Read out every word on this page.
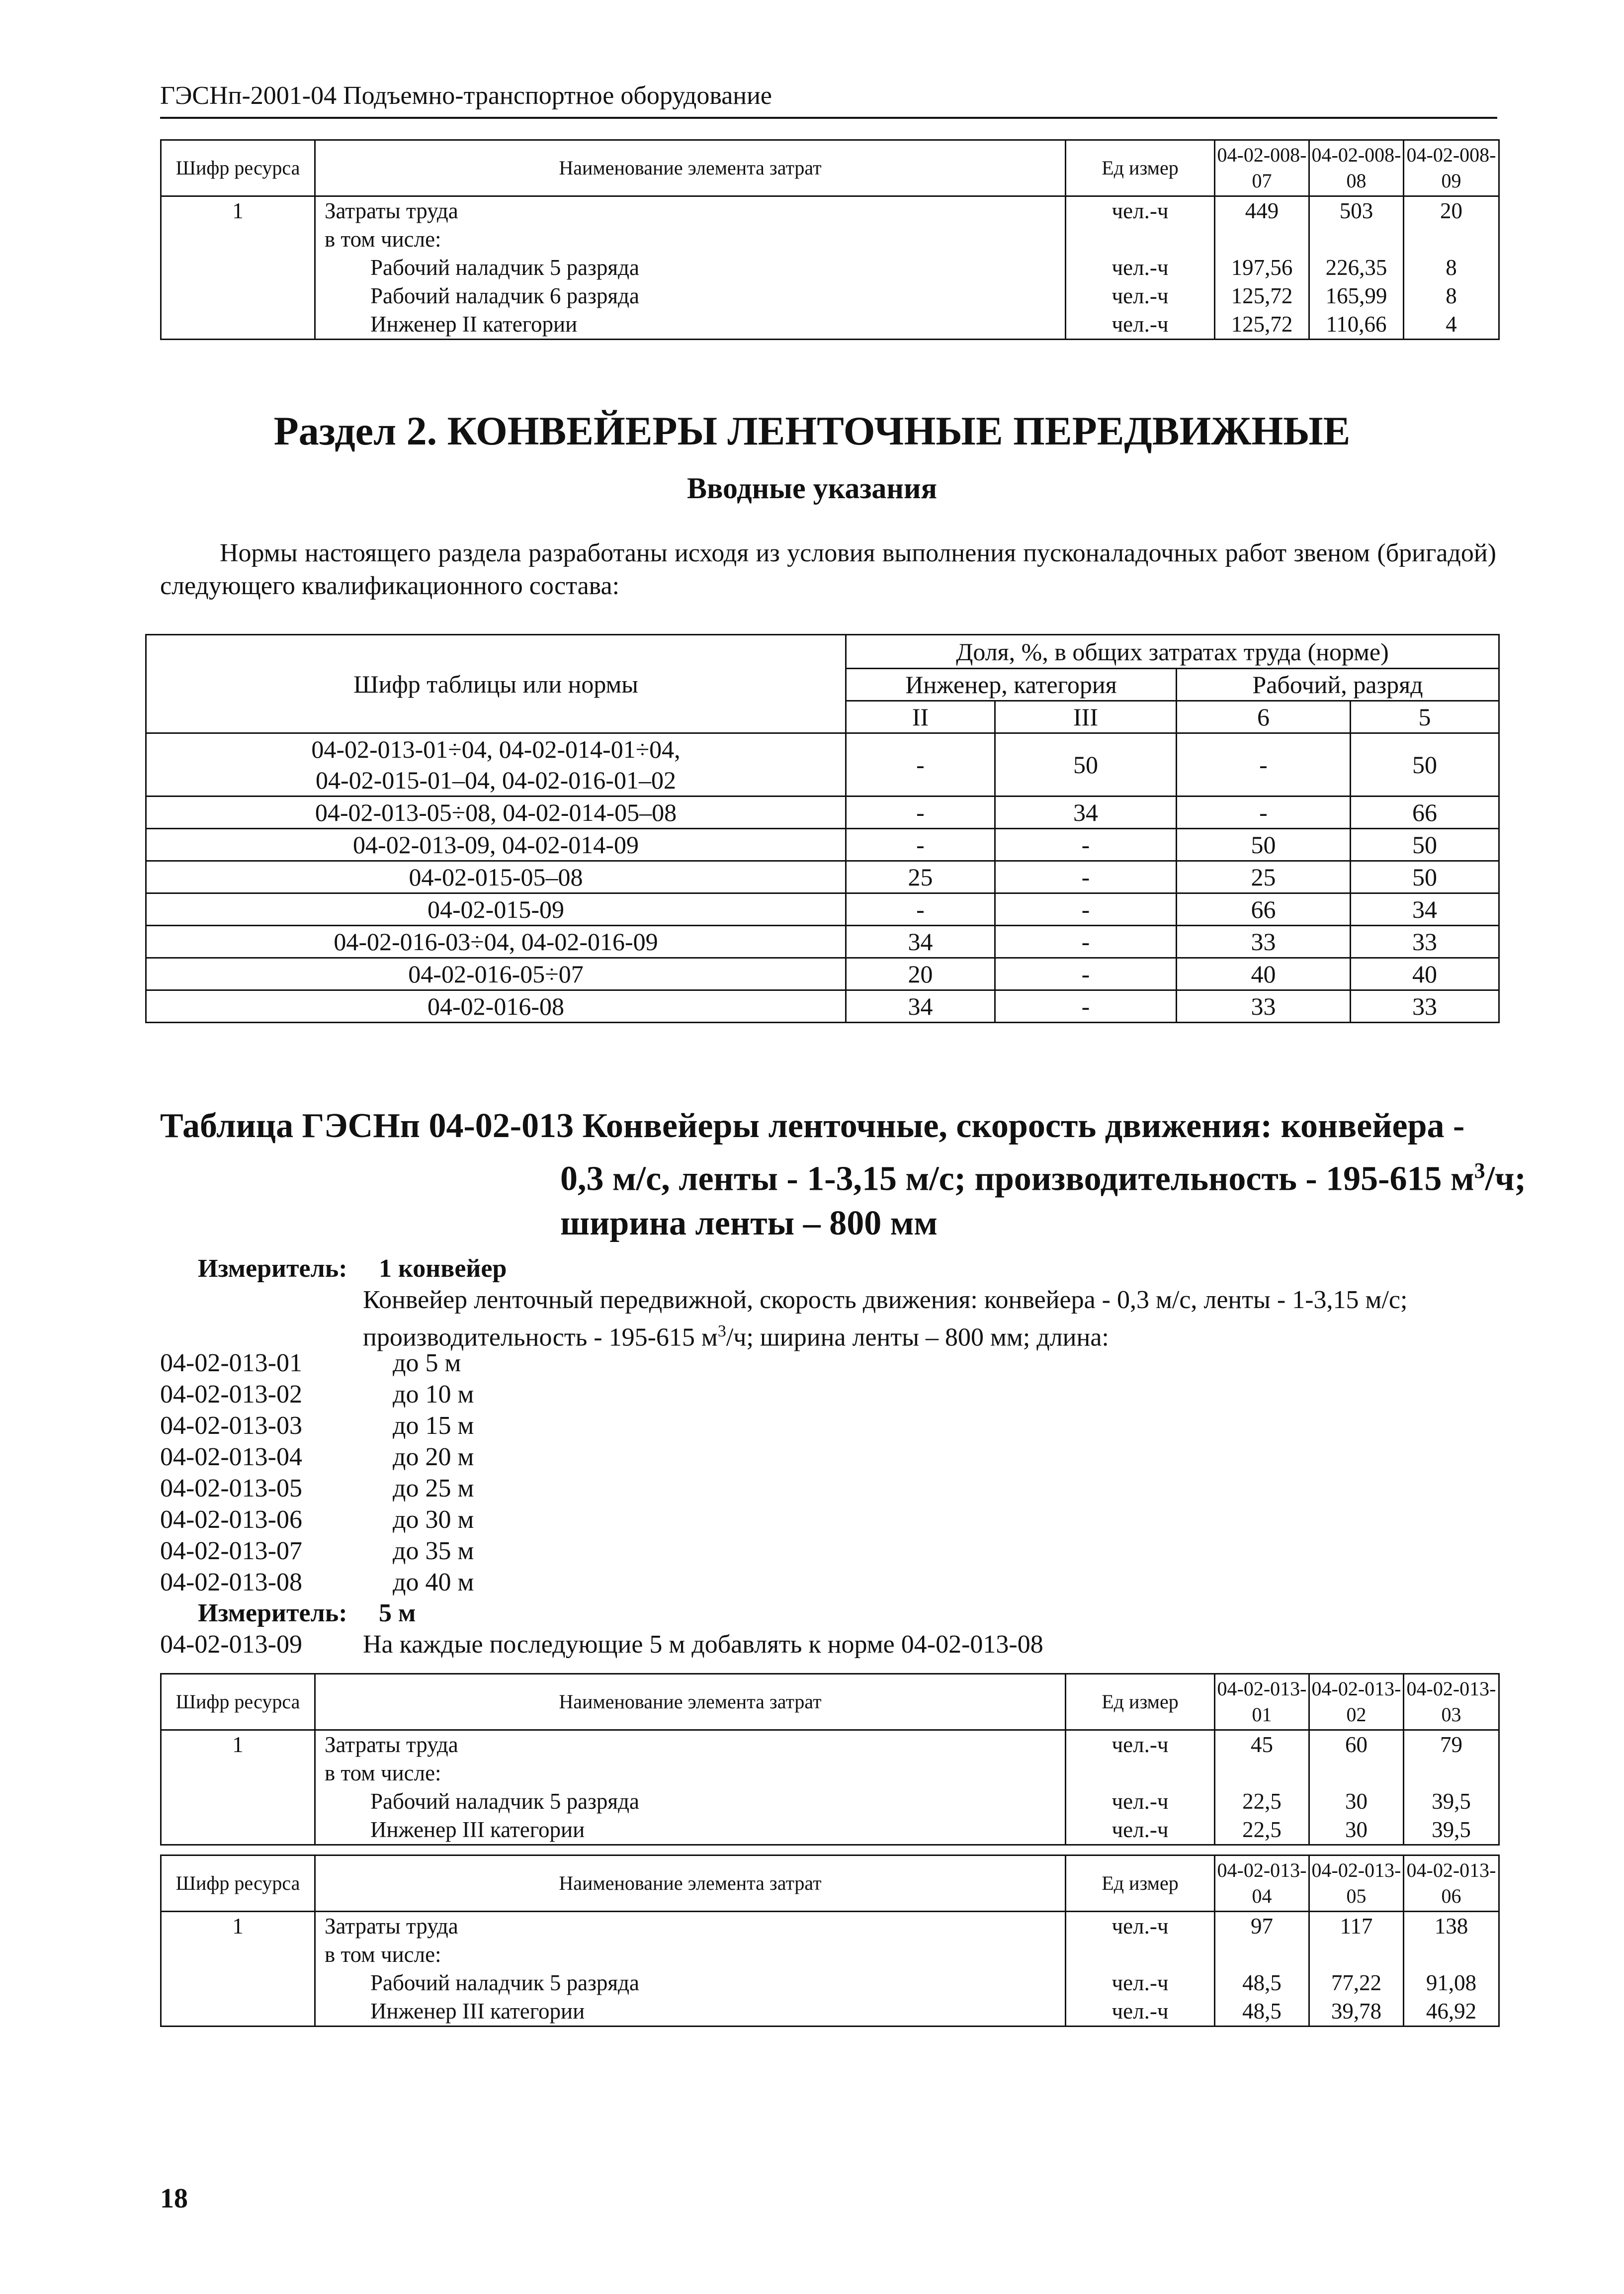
ГЭСНп-2001-04 Подъемно-транспортное оборудование
Шифр ресурса	Наименование элемента затрат	Ед измер	04-02-008-07	04-02-008-08	04-02-008-09
1	Затраты труда	чел.-ч	449	503	20
	в том числе:				
	Рабочий наладчик 5 разряда	чел.-ч	197,56	226,35	8
	Рабочий наладчик 6 разряда	чел.-ч	125,72	165,99	8
	Инженер II категории	чел.-ч	125,72	110,66	4
Раздел 2. КОНВЕЙЕРЫ ЛЕНТОЧНЫЕ ПЕРЕДВИЖНЫЕ
Вводные указания
Нормы настоящего раздела разработаны исходя из условия выполнения пусконаладочных работ звеном (бригадой) следующего квалификационного состава:
Шифр таблицы или нормы	Доля, %, в общих затратах труда (норме)			
	Инженер, категория		Рабочий, разряд	
	II	III	6	5

04-02-013-01÷04, 04-02-014-01÷04,
04-02-015-01–04, 04-02-016-01–02	-	50	-	50

04-02-013-05÷08, 04-02-014-05–08	-	34	-	66

04-02-013-09, 04-02-014-09	-	-	50	50

04-02-015-05–08	25	-	25	50

04-02-015-09	-	-	66	34

04-02-016-03÷04, 04-02-016-09	34	-	33	33

04-02-016-05÷07	20	-	40	40

04-02-016-08	34	-	33	33
Таблица ГЭСНп 04-02-013 Конвейеры ленточные, скорость движения: конвейера -
0,3 м/с, ленты - 1-3,15 м/с; производительность - 195-615 $м^3/ч$;
ширина ленты – 800 мм
Измеритель: 1 конвейер
Конвейер ленточный передвижной, скорость движения: конвейера - 0,3 м/с, ленты - 1-3,15 м/с;
производительность - 195-615 $м^3/ч$; ширина ленты – 800 мм; длина:
04-02-013-01	до 5 м
04-02-013-02	до 10 м
04-02-013-03	до 15 м
04-02-013-04	до 20 м
04-02-013-05	до 25 м
04-02-013-06	до 30 м
04-02-013-07	до 35 м
04-02-013-08	до 40 м
Измеритель: 5 м
04-02-013-09 На каждые последующие 5 м добавлять к норме 04-02-013-08
Шифр ресурса	Наименование элемента затрат	Ед измер	04-02-013-01	04-02-013-02	04-02-013-03
1	Затраты труда	чел.-ч	45	60	79
	в том числе:				
	Рабочий наладчик 5 разряда	чел.-ч	22,5	30	39,5
	Инженер III категории	чел.-ч	22,5	30	39,5
Шифр ресурса	Наименование элемента затрат	Ед измер	04-02-013-04	04-02-013-05	04-02-013-06
1	Затраты труда	чел.-ч	97	117	138
	в том числе:				
	Рабочий наладчик 5 разряда	чел.-ч	48,5	77,22	91,08
	Инженер III категории	чел.-ч	48,5	39,78	46,92
18
